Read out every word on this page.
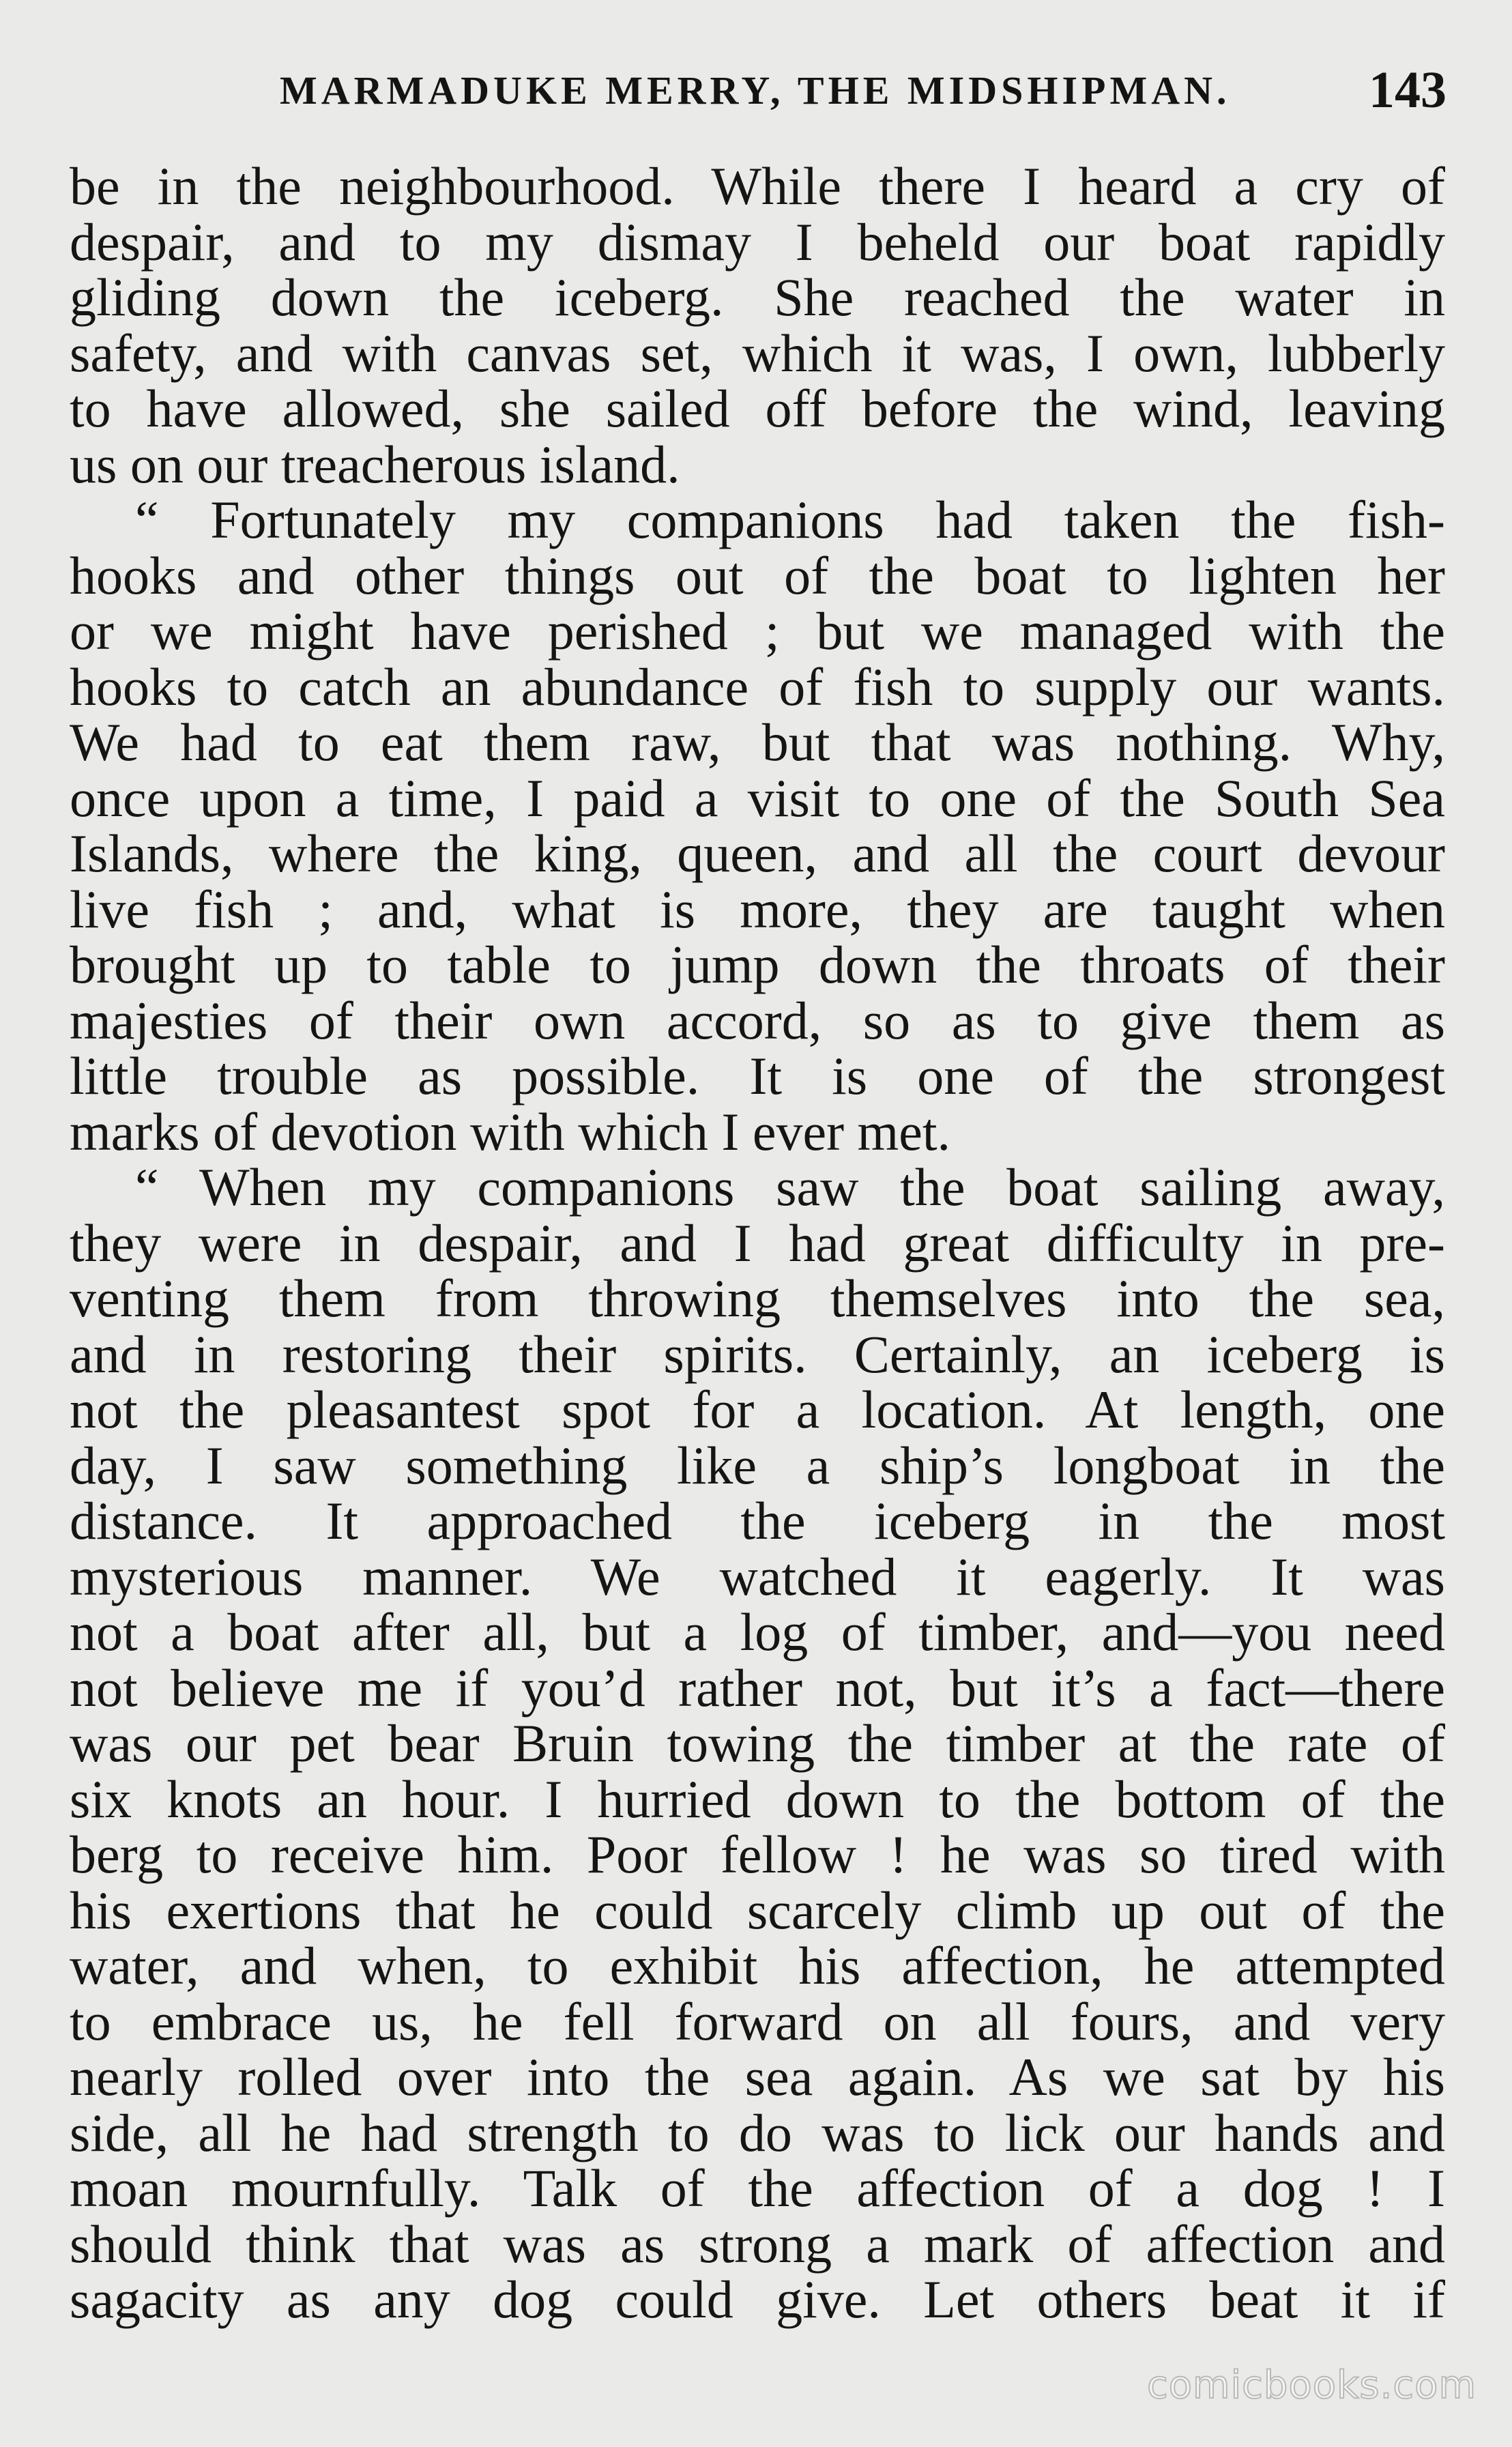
MARMADUKE MERRY, THE MIDSHIPMAN.	143
be in the neighbourhood. While there I heard a cry of
despair, and to my dismay I beheld our boat rapidly
gliding down the iceberg. She reached the water in
safety, and with canvas set, which it was, I own, lubberly
to have allowed, she sailed off before the wind, leaving
us on our treacherous island.
“ Fortunately my companions had taken the fish-
hooks and other things out of the boat to lighten her
or we might have perished ; but we managed with the
hooks to catch an abundance of fish to supply our wants.
We had to eat them raw, but that was nothing. Why,
once upon a time, I paid a visit to one of the South Sea
Islands, where the king, queen, and all the court devour
live fish ; and, what is more, they are taught when
brought up to table to jump down the throats of their
majesties of their own accord, so as to give them as
little trouble as possible. It is one of the strongest
marks of devotion with which I ever met.
“ When my companions saw the boat sailing away,
they were in despair, and I had great difficulty in pre-
venting them from throwing themselves into the sea,
and in restoring their spirits. Certainly, an iceberg is
not the pleasantest spot for a location. At length, one
day, I saw something like a ship’s longboat in the
distance. It approached the iceberg in the most
mysterious manner. We watched it eagerly. It was
not a boat after all, but a log of timber, and—you need
not believe me if you’d rather not, but it’s a fact—there
was our pet bear Bruin towing the timber at the rate of
six knots an hour. I hurried down to the bottom of the
berg to receive him. Poor fellow ! he was so tired with
his exertions that he could scarcely climb up out of the
water, and when, to exhibit his affection, he attempted
to embrace us, he fell forward on all fours, and very
nearly rolled over into the sea again. As we sat by his
side, all he had strength to do was to lick our hands and
moan mournfully. Talk of the affection of a dog ! I
should think that was as strong a mark of affection and
sagacity as any dog could give. Let others beat it if
comicbooks.com
